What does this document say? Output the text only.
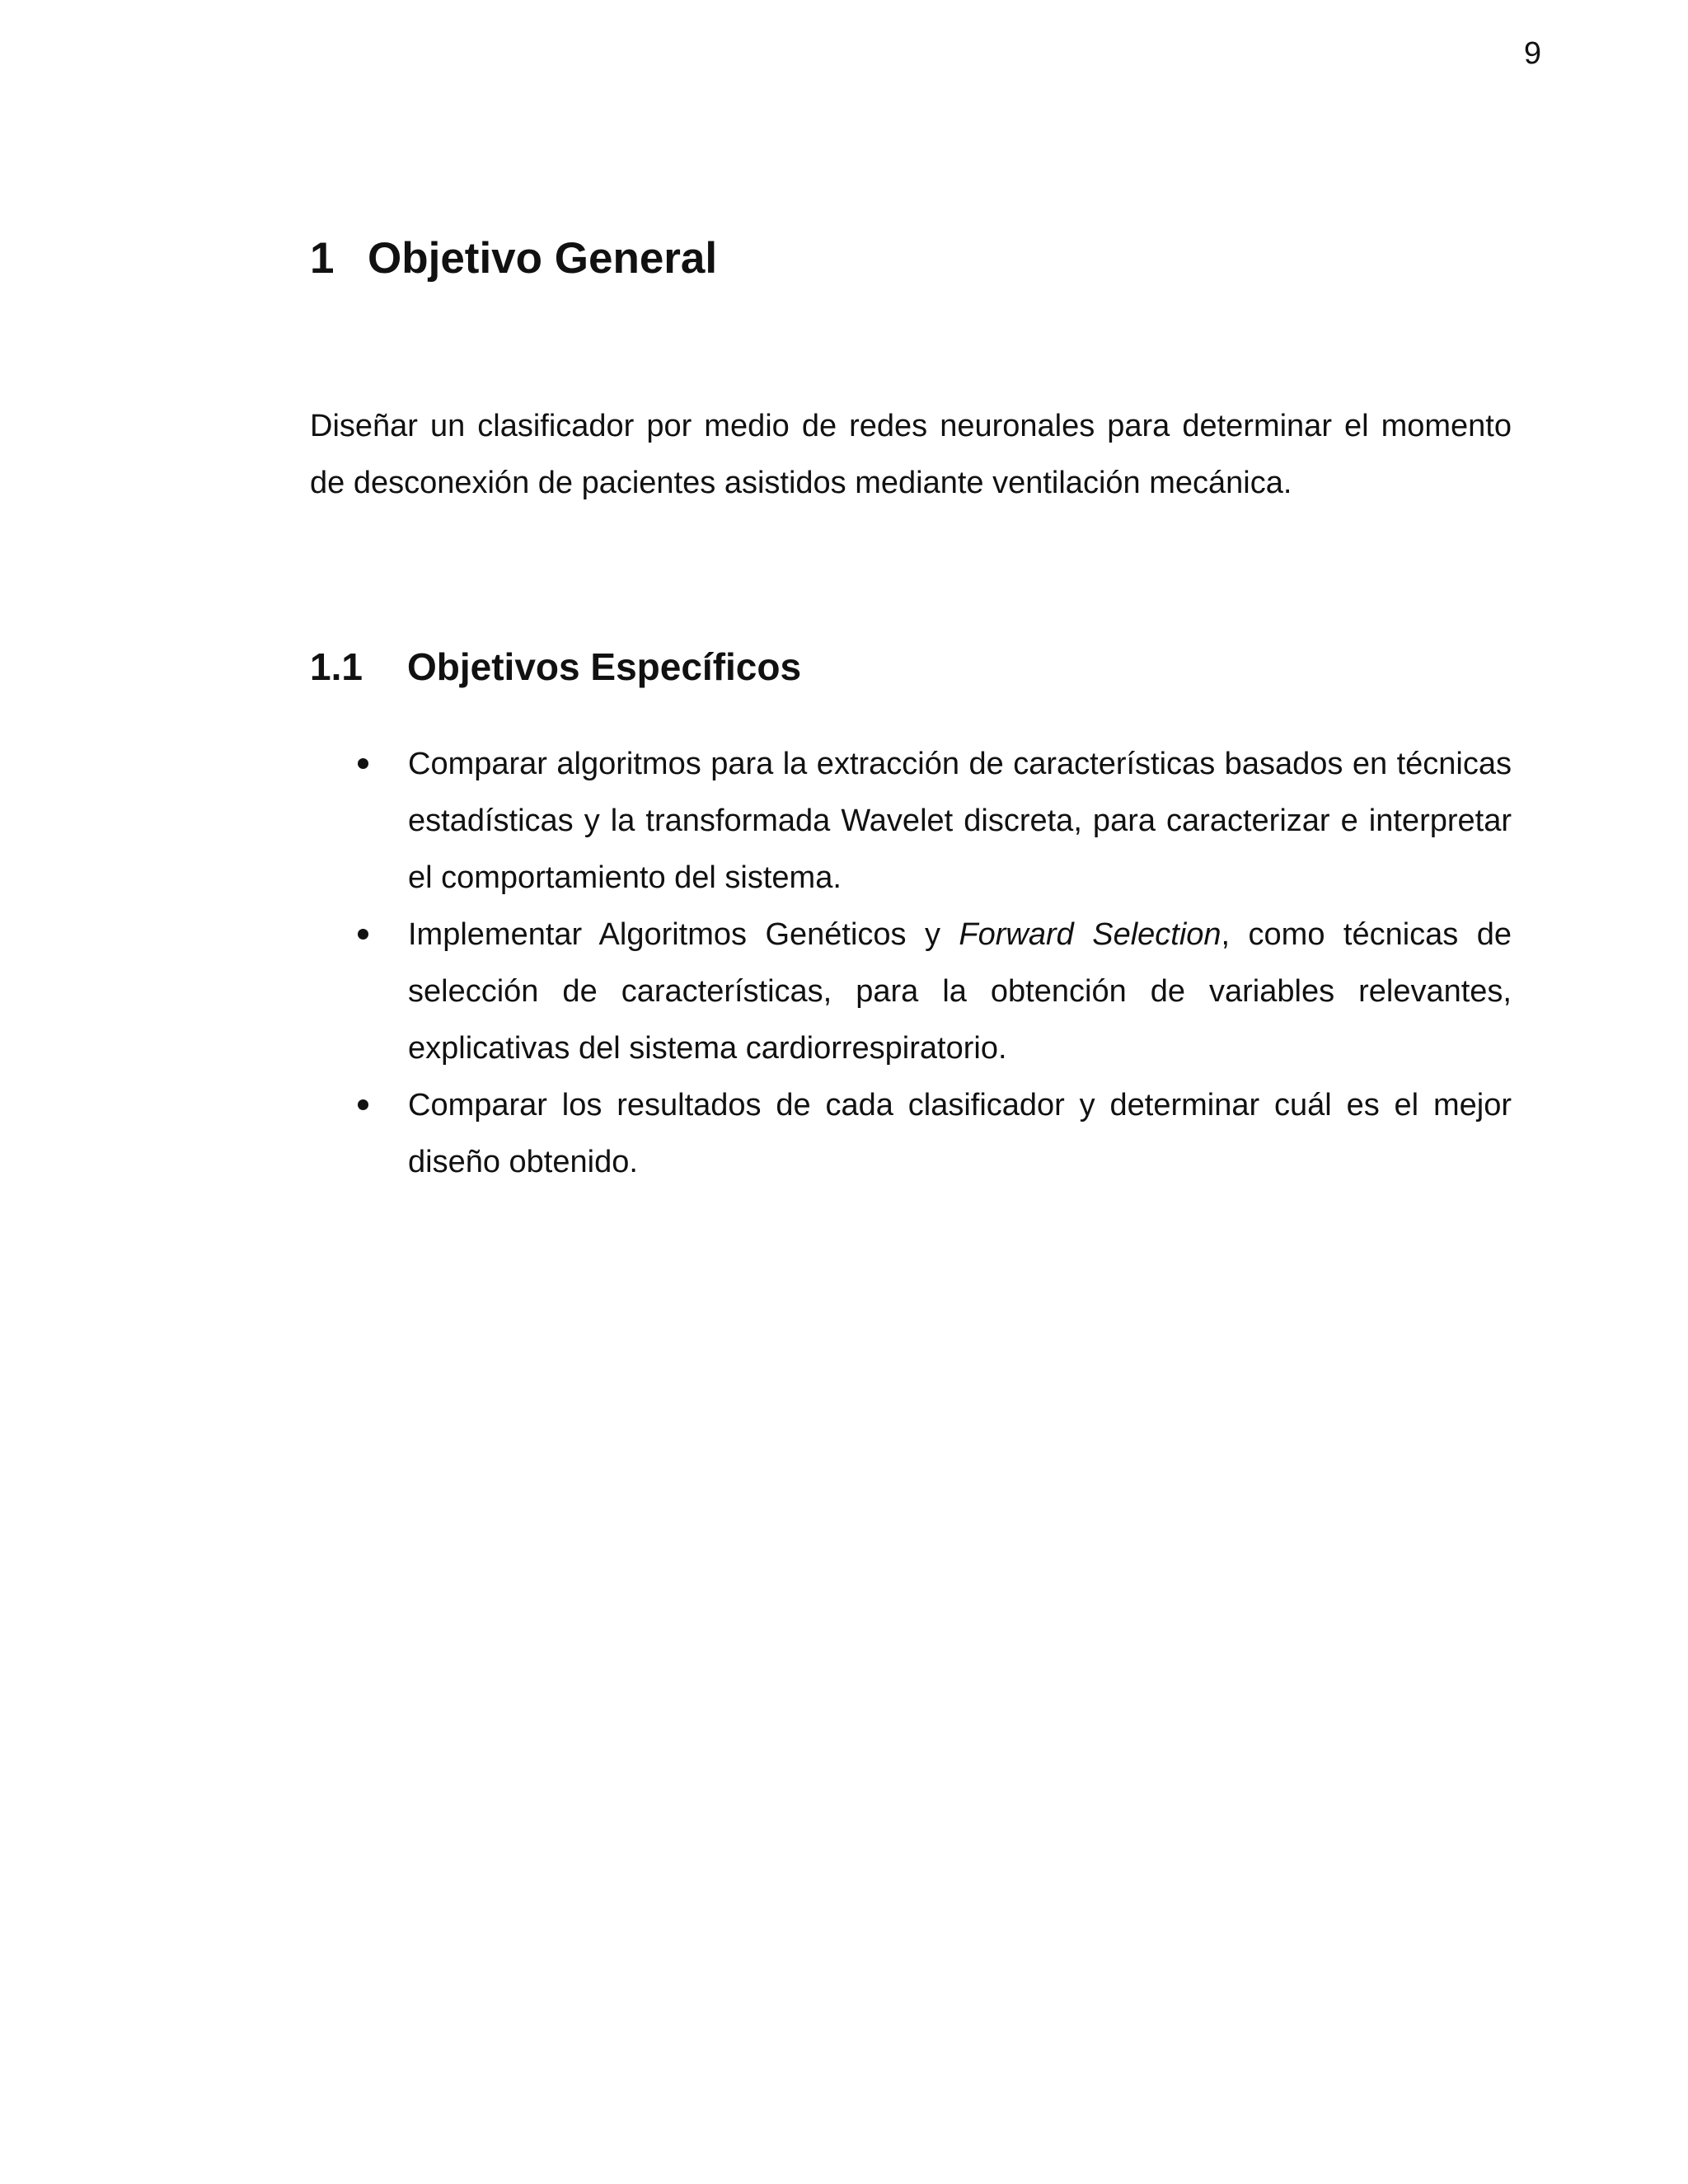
9
1 Objetivo General

Diseñar un clasificador por medio de redes neuronales para determinar el momento de desconexión de pacientes asistidos mediante ventilación mecánica.

1.1 Objetivos Específicos
Comparar algoritmos para la extracción de características basados en técnicas estadísticas y la transformada Wavelet discreta, para caracterizar e interpretar el comportamiento del sistema.
Implementar Algoritmos Genéticos y Forward Selection, como técnicas de selección de características, para la obtención de variables relevantes, explicativas del sistema cardiorrespiratorio.
Comparar los resultados de cada clasificador y determinar cuál es el mejor diseño obtenido.
